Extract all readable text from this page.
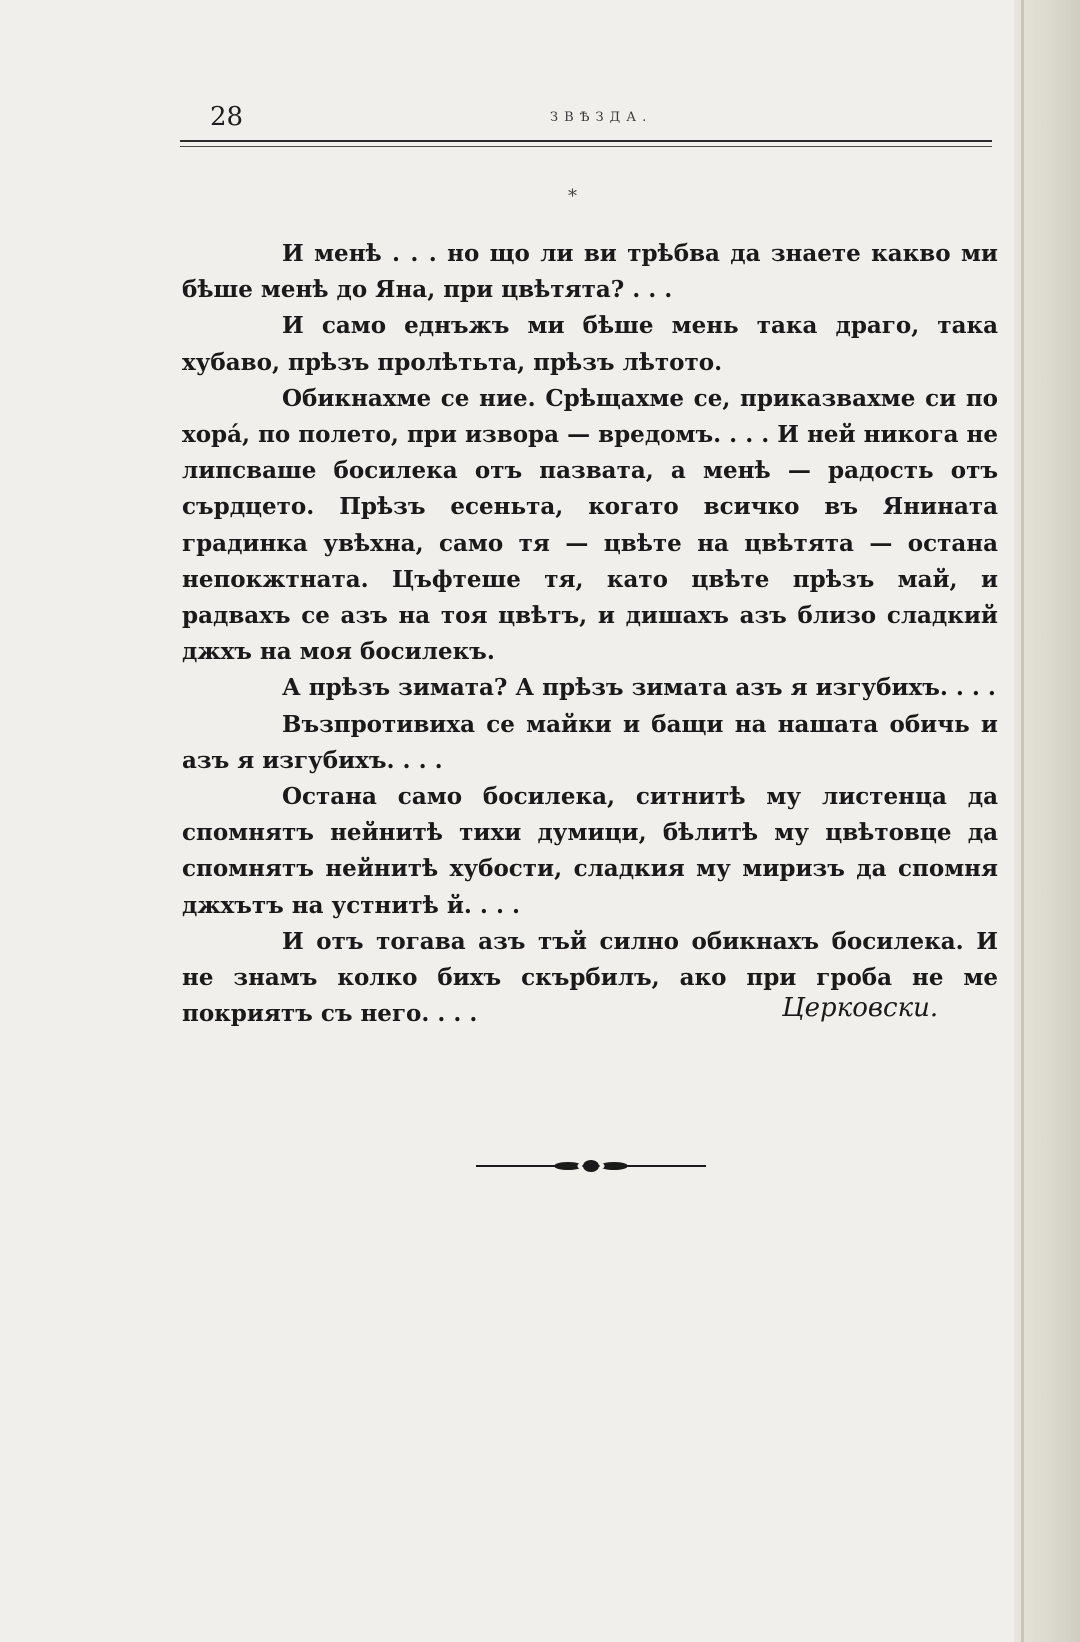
28	ЗВѢЗДА.
*

И менѣ . . . но що ли ви трѣбва да знаете какво ми бѣше менѣ до Яна, при цвѣтята? . . .

И само еднъжъ ми бѣше мень така драго, така хубаво, прѣзъ пролѣтьта, прѣзъ лѣтото.

Обикнахме се ние. Срѣщахме се, приказвахме си по хора́, по полето, при извора — вредомъ. . . . И ней никога не липсваше босилека отъ пазвата, а менѣ — радость отъ сърдцето. Прѣзъ есеньта, когато всичко въ Янината градинка увѣхна, само тя — цвѣте на цвѣтята — остана непокжтната. Цъфтеше тя, като цвѣте прѣзъ май, и радвахъ се азъ на тоя цвѣтъ, и дишахъ азъ близо сладкий джхъ на моя босилекъ.

А прѣзъ зимата? А прѣзъ зимата азъ я изгубихъ. . . .

Възпротивиха се майки и бащи на нашата обичь и азъ я изгубихъ. . . .

Остана само босилека, ситнитѣ му листенца да спомнятъ нейнитѣ тихи думици, бѣлитѣ му цвѣтовце да спомнятъ нейнитѣ хубости, сладкия му миризъ да спомня джхътъ на устнитѣ й. . . .

И отъ тогава азъ тъй силно обикнахъ босилека. И не знамъ колко бихъ скърбилъ, ако при гроба не ме покриятъ съ него. . . .	Церковски.
